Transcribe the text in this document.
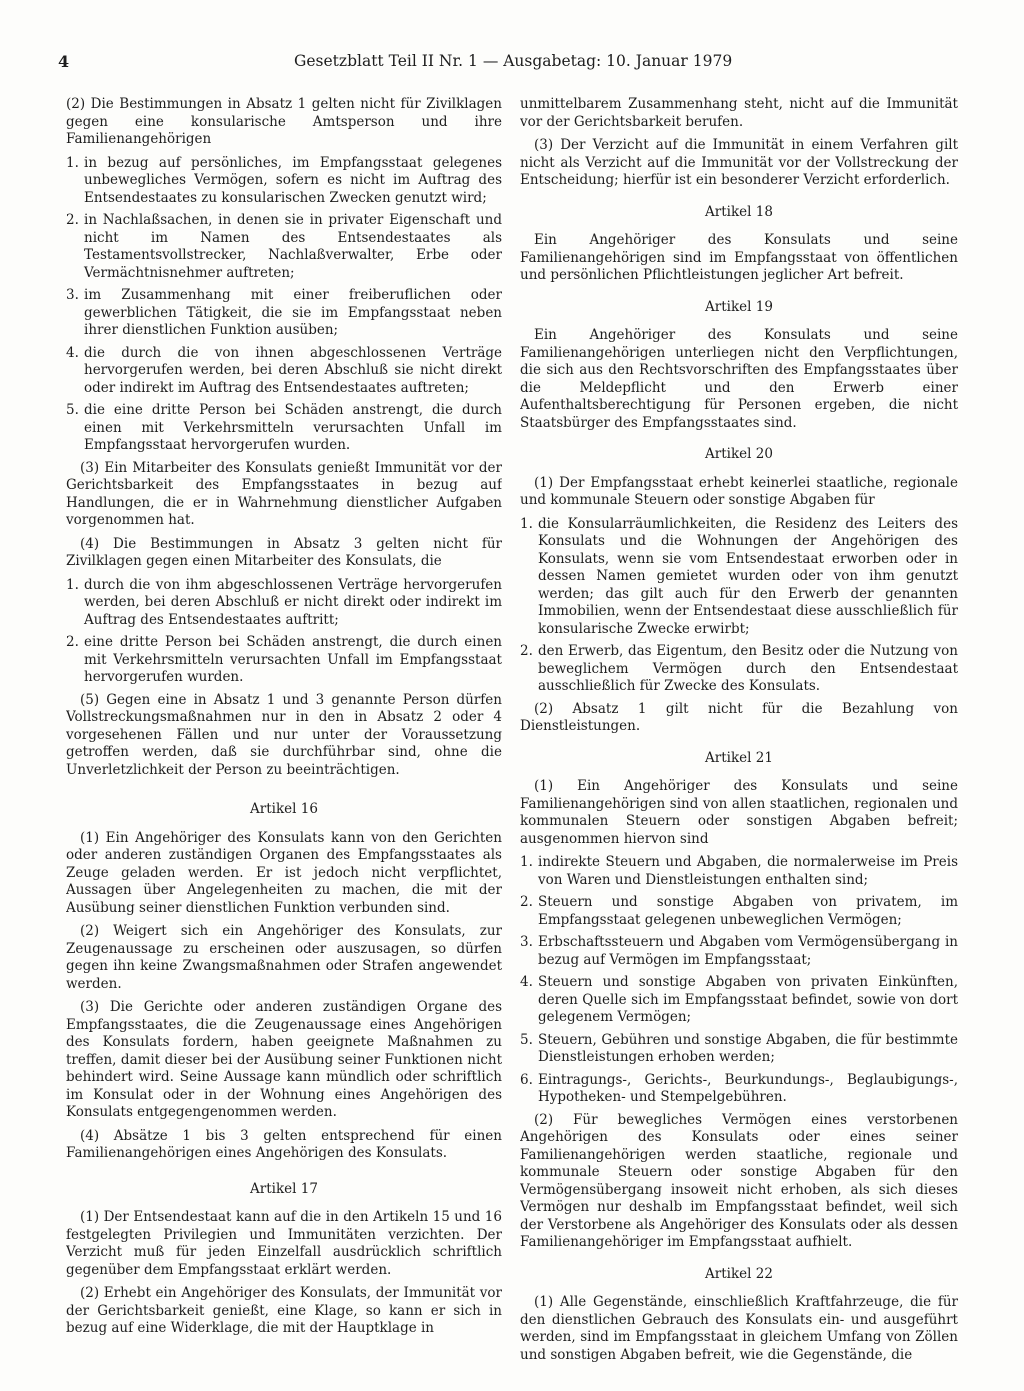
4	Gesetzblatt Teil II Nr. 1 — Ausgabetag: 10. Januar 1979

(2) Die Bestimmungen in Absatz 1 gelten nicht für Zivilklagen gegen eine konsularische Amtsperson und ihre Familienangehörigen

1. in bezug auf persönliches, im Empfangsstaat gelegenes unbewegliches Vermögen, sofern es nicht im Auftrag des Entsendestaates zu konsularischen Zwecken genutzt wird;
2. in Nachlaßsachen, in denen sie in privater Eigenschaft und nicht im Namen des Entsendestaates als Testamentsvollstrecker, Nachlaßverwalter, Erbe oder Vermächtnisnehmer auftreten;
3. im Zusammenhang mit einer freiberuflichen oder gewerblichen Tätigkeit, die sie im Empfangsstaat neben ihrer dienstlichen Funktion ausüben;
4. die durch die von ihnen abgeschlossenen Verträge hervorgerufen werden, bei deren Abschluß sie nicht direkt oder indirekt im Auftrag des Entsendestaates auftreten;
5. die eine dritte Person bei Schäden anstrengt, die durch einen mit Verkehrsmitteln verursachten Unfall im Empfangsstaat hervorgerufen wurden.

(3) Ein Mitarbeiter des Konsulats genießt Immunität vor der Gerichtsbarkeit des Empfangsstaates in bezug auf Handlungen, die er in Wahrnehmung dienstlicher Aufgaben vorgenommen hat.

(4) Die Bestimmungen in Absatz 3 gelten nicht für Zivilklagen gegen einen Mitarbeiter des Konsulats, die

1. durch die von ihm abgeschlossenen Verträge hervorgerufen werden, bei deren Abschluß er nicht direkt oder indirekt im Auftrag des Entsendestaates auftritt;
2. eine dritte Person bei Schäden anstrengt, die durch einen mit Verkehrsmitteln verursachten Unfall im Empfangsstaat hervorgerufen wurden.

(5) Gegen eine in Absatz 1 und 3 genannte Person dürfen Vollstreckungsmaßnahmen nur in den in Absatz 2 oder 4 vorgesehenen Fällen und nur unter der Voraussetzung getroffen werden, daß sie durchführbar sind, ohne die Unverletzlichkeit der Person zu beeinträchtigen.

Artikel 16

(1) Ein Angehöriger des Konsulats kann von den Gerichten oder anderen zuständigen Organen des Empfangsstaates als Zeuge geladen werden. Er ist jedoch nicht verpflichtet, Aussagen über Angelegenheiten zu machen, die mit der Ausübung seiner dienstlichen Funktion verbunden sind.

(2) Weigert sich ein Angehöriger des Konsulats, zur Zeugenaussage zu erscheinen oder auszusagen, so dürfen gegen ihn keine Zwangsmaßnahmen oder Strafen angewendet werden.

(3) Die Gerichte oder anderen zuständigen Organe des Empfangsstaates, die die Zeugenaussage eines Angehörigen des Konsulats fordern, haben geeignete Maßnahmen zu treffen, damit dieser bei der Ausübung seiner Funktionen nicht behindert wird. Seine Aussage kann mündlich oder schriftlich im Konsulat oder in der Wohnung eines Angehörigen des Konsulats entgegengenommen werden.

(4) Absätze 1 bis 3 gelten entsprechend für einen Familienangehörigen eines Angehörigen des Konsulats.

Artikel 17

(1) Der Entsendestaat kann auf die in den Artikeln 15 und 16 festgelegten Privilegien und Immunitäten verzichten. Der Verzicht muß für jeden Einzelfall ausdrücklich schriftlich gegenüber dem Empfangsstaat erklärt werden.

(2) Erhebt ein Angehöriger des Konsulats, der Immunität vor der Gerichtsbarkeit genießt, eine Klage, so kann er sich in bezug auf eine Widerklage, die mit der Hauptklage in

unmittelbarem Zusammenhang steht, nicht auf die Immunität vor der Gerichtsbarkeit berufen.

(3) Der Verzicht auf die Immunität in einem Verfahren gilt nicht als Verzicht auf die Immunität vor der Vollstreckung der Entscheidung; hierfür ist ein besonderer Verzicht erforderlich.

Artikel 18

Ein Angehöriger des Konsulats und seine Familienangehörigen sind im Empfangsstaat von öffentlichen und persönlichen Pflichtleistungen jeglicher Art befreit.

Artikel 19

Ein Angehöriger des Konsulats und seine Familienangehörigen unterliegen nicht den Verpflichtungen, die sich aus den Rechtsvorschriften des Empfangsstaates über die Meldepflicht und den Erwerb einer Aufenthaltsberechtigung für Personen ergeben, die nicht Staatsbürger des Empfangsstaates sind.

Artikel 20

(1) Der Empfangsstaat erhebt keinerlei staatliche, regionale und kommunale Steuern oder sonstige Abgaben für

1. die Konsularräumlichkeiten, die Residenz des Leiters des Konsulats und die Wohnungen der Angehörigen des Konsulats, wenn sie vom Entsendestaat erworben oder in dessen Namen gemietet wurden oder von ihm genutzt werden; das gilt auch für den Erwerb der genannten Immobilien, wenn der Entsendestaat diese ausschließlich für konsularische Zwecke erwirbt;
2. den Erwerb, das Eigentum, den Besitz oder die Nutzung von beweglichem Vermögen durch den Entsendestaat ausschließlich für Zwecke des Konsulats.

(2) Absatz 1 gilt nicht für die Bezahlung von Dienstleistungen.

Artikel 21

(1) Ein Angehöriger des Konsulats und seine Familienangehörigen sind von allen staatlichen, regionalen und kommunalen Steuern oder sonstigen Abgaben befreit; ausgenommen hiervon sind

1. indirekte Steuern und Abgaben, die normalerweise im Preis von Waren und Dienstleistungen enthalten sind;
2. Steuern und sonstige Abgaben von privatem, im Empfangsstaat gelegenen unbeweglichen Vermögen;
3. Erbschaftssteuern und Abgaben vom Vermögensübergang in bezug auf Vermögen im Empfangsstaat;
4. Steuern und sonstige Abgaben von privaten Einkünften, deren Quelle sich im Empfangsstaat befindet, sowie von dort gelegenem Vermögen;
5. Steuern, Gebühren und sonstige Abgaben, die für bestimmte Dienstleistungen erhoben werden;
6. Eintragungs-, Gerichts-, Beurkundungs-, Beglaubigungs-, Hypotheken- und Stempelgebühren.

(2) Für bewegliches Vermögen eines verstorbenen Angehörigen des Konsulats oder eines seiner Familienangehörigen werden staatliche, regionale und kommunale Steuern oder sonstige Abgaben für den Vermögensübergang insoweit nicht erhoben, als sich dieses Vermögen nur deshalb im Empfangsstaat befindet, weil sich der Verstorbene als Angehöriger des Konsulats oder als dessen Familienangehöriger im Empfangsstaat aufhielt.

Artikel 22

(1) Alle Gegenstände, einschließlich Kraftfahrzeuge, die für den dienstlichen Gebrauch des Konsulats ein- und ausgeführt werden, sind im Empfangsstaat in gleichem Umfang von Zöllen und sonstigen Abgaben befreit, wie die Gegenstände, die
